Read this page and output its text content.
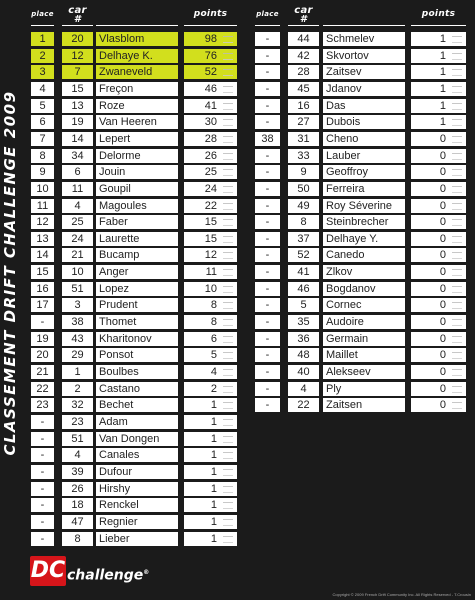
CLASSEMENT DRIFT CHALLENGE 2009
place car
#	points	place car
#	points
1	20	Vlasblom	98
2	12	Delhaye K.	76
3	7	Zwaneveld	52
4	15	Freçon	46
5	13	Roze	41
6	19	Van Heeren	30
7	14	Lepert	28
8	34	Delorme	26
9	6	Jouin	25
10	11	Goupil	24
11	4	Magoules	22
12	25	Faber	15
13	24	Laurette	15
14	21	Bucamp	12
15	10	Anger	11
16	51	Lopez	10
17	3	Prudent	8
-	38	Thomet	8
19	43	Kharitonov	6
20	29	Ponsot	5
21	1	Boulbes	4
22	2	Castano	2
23	32	Bechet	1
-	23	Adam	1
-	51	Van Dongen	1
-	4	Canales	1
-	39	Dufour	1
-	26	Hirshy	1
-	18	Renckel	1
-	47	Regnier	1
-	8	Lieber	1
-	44	Schmelev	1
-	42	Skvortov	1
-	28	Zaitsev	1
-	45	Jdanov	1
-	16	Das	1
-	27	Dubois	1
38	31	Cheno	0
-	33	Lauber	0
-	9	Geoffroy	0
-	50	Ferreira	0
-	49	Roy Séverine	0
-	8	Steinbrecher	0
-	37	Delhaye Y.	0
-	52	Canedo	0
-	41	Zlkov	0
-	46	Bogdanov	0
-	5	Cornec	0
-	35	Audoire	0
-	36	Germain	0
-	48	Maillet	0
-	40	Alekseev	0
-	4	Ply	0
-	22	Zaitsen	0
DC challenge®
Copyright © 2009 French Drift Community Inc. All Rights Reserved - T.Crousin
